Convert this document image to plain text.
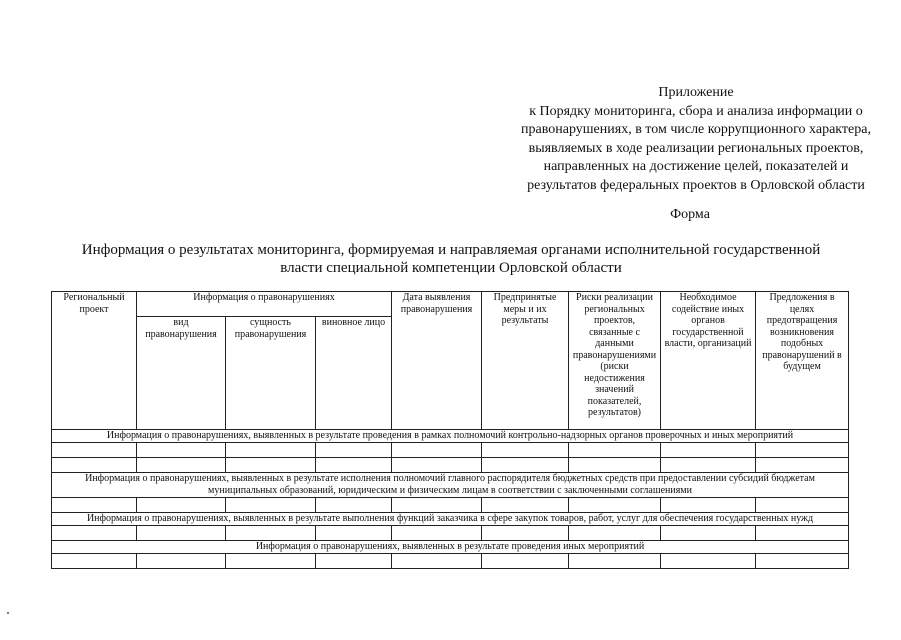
Приложение
к Порядку мониторинга, сбора и анализа информации о
правонарушениях, в том числе коррупционного характера,
выявляемых в ходе реализации региональных проектов,
направленных на достижение целей, показателей и
результатов федеральных проектов в Орловской области
Форма
Информация о результатах мониторинга, формируемая и направляемая органами исполнительной государственной
власти специальной компетенции Орловской области
Региональный проект	Информация о правонарушениях			Дата выявления правонарушения	Предпринятые меры и их результаты	Риски реализации региональных проектов, связанные с данными правонарушениями (риски недостижения значений показателей, результатов)	Необходимое содействие иных органов государственной власти, организаций	Предложения в целях предотвращения возникновения подобных правонарушений в будущем
	вид правонарушения	сущность правонарушения	виновное лицо					
Информация о правонарушениях, выявленных в результате проведения в рамках полномочий контрольно-надзорных органов проверочных и иных мероприятий								

Информация о правонарушениях, выявленных в результате исполнения полномочий главного распорядителя бюджетных средств при предоставлении субсидий бюджетам муниципальных образований, юридическим и физическим лицам в соответствии с заключенными соглашениями								

Информация о правонарушениях, выявленных в результате выполнения функций заказчика в сфере закупок товаров, работ, услуг для обеспечения государственных нужд								

Информация о правонарушениях, выявленных в результате проведения иных мероприятий								
